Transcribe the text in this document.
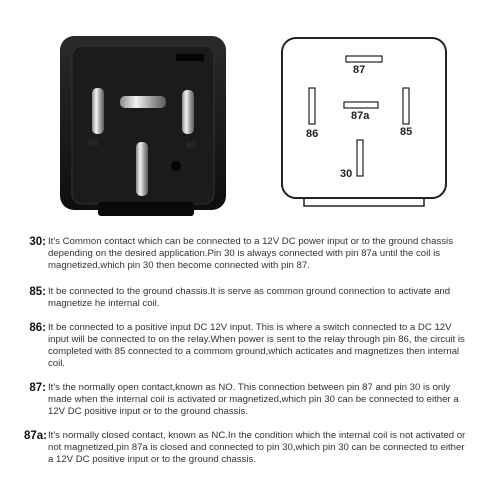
86	85
87
87a
86	85
30
30: It's Common contact which can be connected to a 12V DC power input or to the ground chassis depending on the desired application.Pin 30 is always connected with pin 87a until the coil is magnetized,which pin 30 then become connected with pin 87.
85: It be connected to the ground chassis.It is serve as common ground connection to activate and magnetize he internal coil.
86: It be connected to a positive input DC 12V input. This is where a switch connected to a DC 12V input will be connected to on the relay.When power is sent to the relay through pin 86, the circuit is completed with 85 connected to a commom ground,which acticates and magnetizes then internal coil.
87: It's the normally open contact,known as NO. This connection between pin 87 and pin 30 is only made when the internal coil is activated or magnetized,which pin 30 can be connected to either a 12V DC positive input or to the ground chassis.
87a: It's normally closed contact, known as NC.In the condition which the internal coil is not activated or not magnetized,pin 87a is closed and connected to pin 30,which pin 30 can be connected to either a 12V DC positive input or to the ground chassis.
